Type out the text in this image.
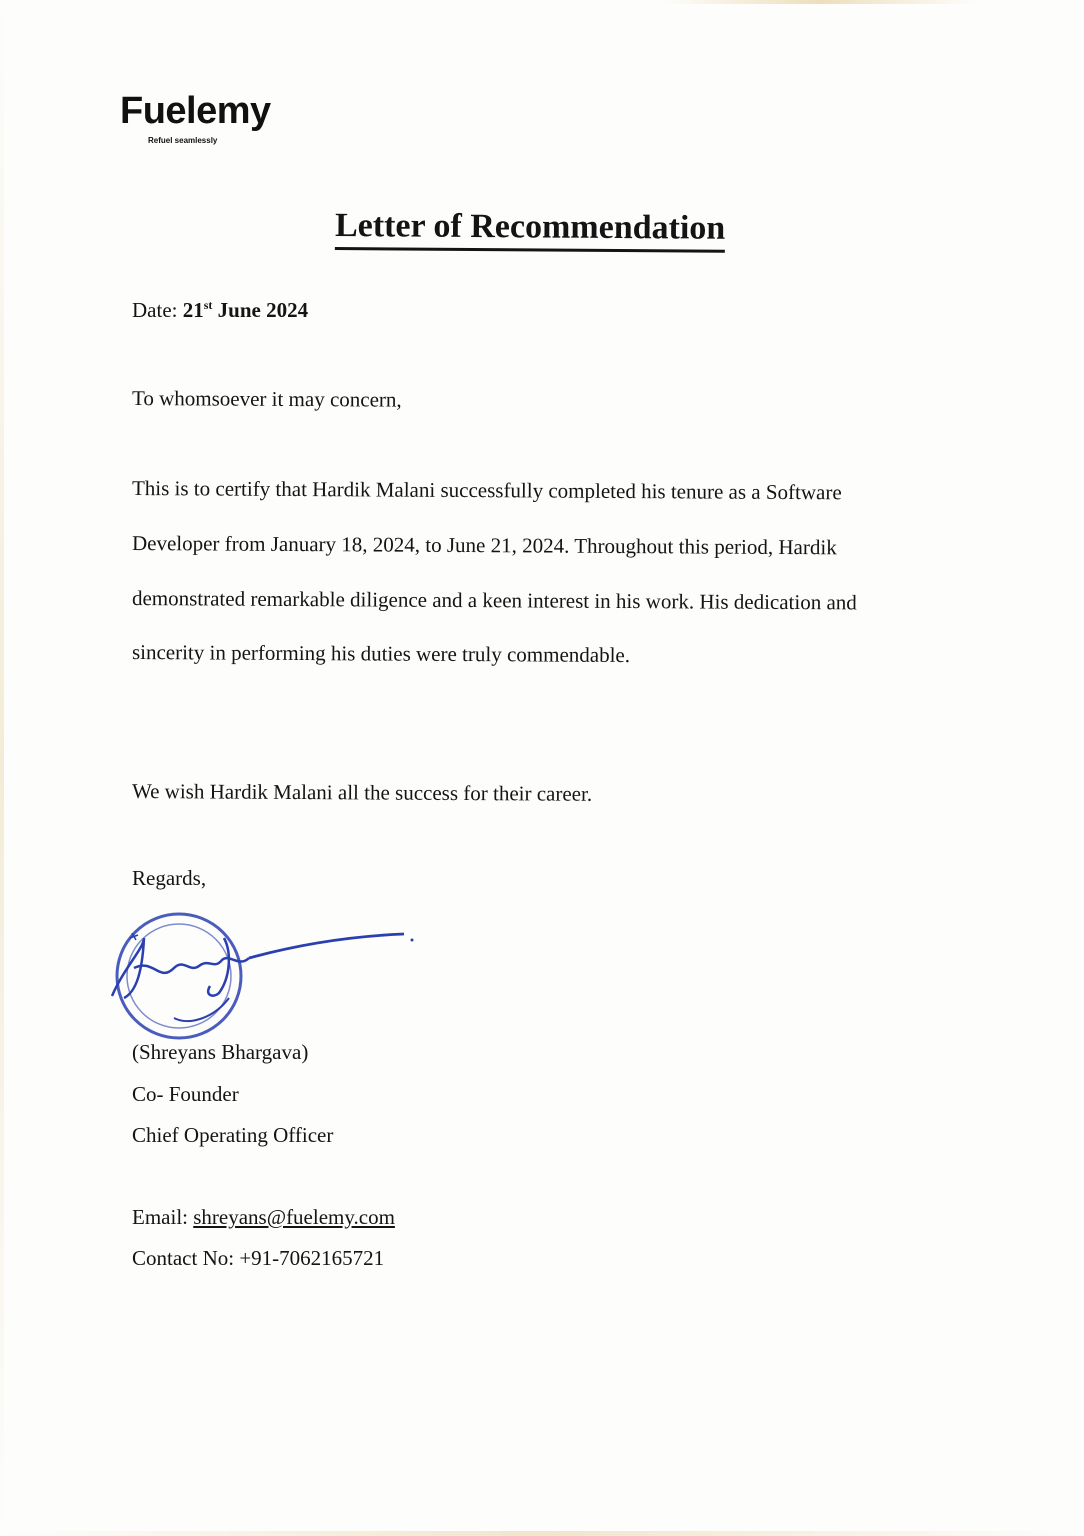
Fuelemy
Refuel seamlessly
Letter of Recommendation
Date: 21st June 2024
To whomsoever it may concern,
This is to certify that Hardik Malani successfully completed his tenure as a Software
Developer from January 18, 2024, to June 21, 2024. Throughout this period, Hardik
demonstrated remarkable diligence and a keen interest in his work. His dedication and
sincerity in performing his duties were truly commendable.
We wish Hardik Malani all the success for their career.
Regards,
(Shreyans Bhargava)
Co- Founder
Chief Operating Officer
Email: shreyans@fuelemy.com
Contact No: +91-7062165721
